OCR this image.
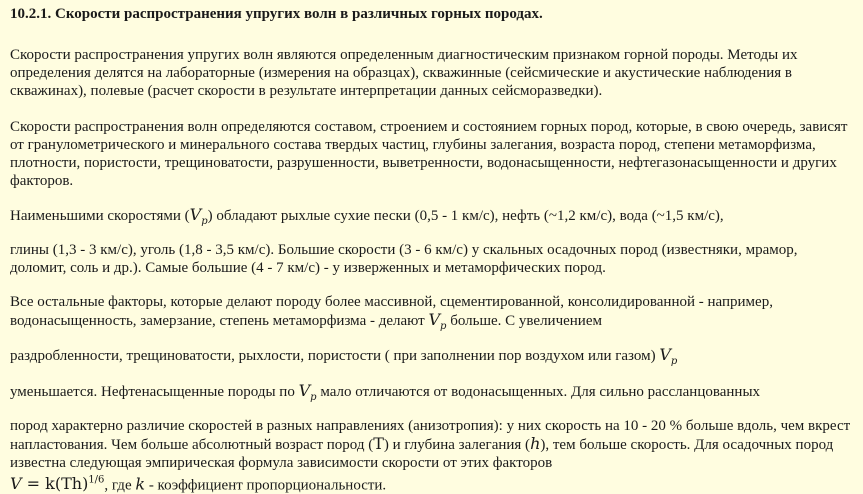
10.2.1. Скорости распространения упругих волн в различных горных породах.

Скорости распространения упругих волн являются определенным диагностическим признаком горной породы. Методы их определения делятся на лабораторные (измерения на образцах), скважинные (сейсмические и акустические наблюдения в скважинах), полевые (расчет скорости в результате интерпретации данных сейсморазведки).

Скорости распространения волн определяются составом, строением и состоянием горных пород, которые, в свою очередь, зависят от гранулометрического и минерального состава твердых частиц, глубины залегания, возраста пород, степени метаморфизма, плотности, пористости, трещиноватости, разрушенности, выветренности, водонасыщенности, нефтегазонасыщенности и других факторов.

Наименьшими скоростями $(V_p)$ обладают рыхлые сухие пески (0,5 - 1 км/с), нефть (~1,2 км/с), вода (~1,5 км/с),
глины (1,3 - 3 км/с), уголь (1,8 - 3,5 км/с). Большие скорости (3 - 6 км/с) у скальных осадочных пород (известняки, мрамор, доломит, соль и др.). Самые большие (4 - 7 км/с) - у изверженных и метаморфических пород.

Все остальные факторы, которые делают породу более массивной, сцементированной, консолидированной - например, водонасыщенность, замерзание, степень метаморфизма - делают $V_p$ больше. С увеличением
раздробленности, трещиноватости, рыхлости, пористости ( при заполнении пор воздухом или газом) $V_p$
уменьшается. Нефтенасыщенные породы по $V_p$ мало отличаются от водонасыщенных. Для сильно рассланцованных
пород характерно различие скоростей в разных направлениях (анизотропия): у них скорость на 10 - 20 % больше вдоль, чем вкрест напластования. Чем больше абсолютный возраст пород (T) и глубина залегания (h), тем больше скорость. Для осадочных пород известна следующая эмпирическая формула зависимости скорости от этих факторов
$V = k(Th)^{1/6}$, где k - коэффициент пропорциональности.
